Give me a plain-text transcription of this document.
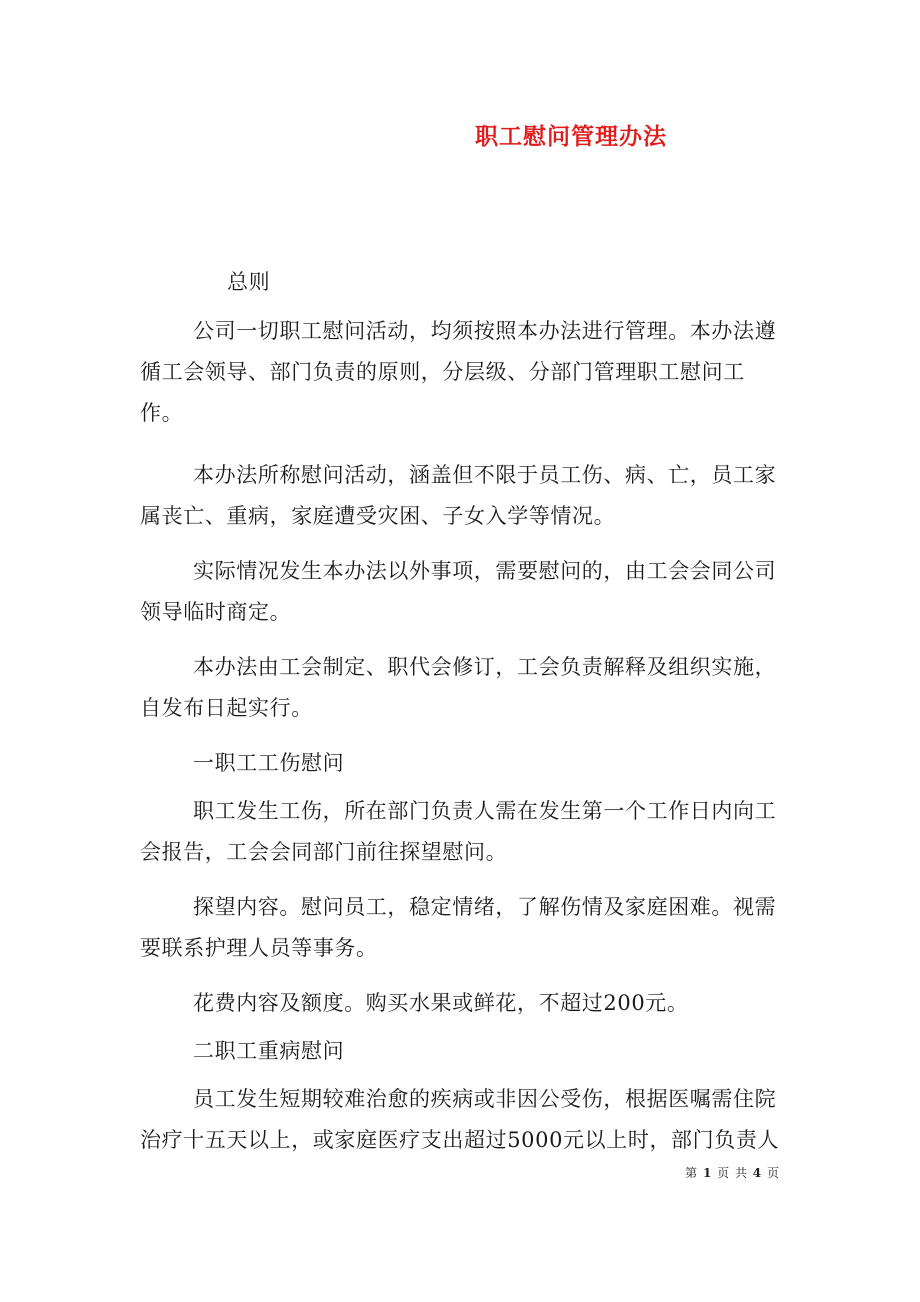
职工慰问管理办法

总则

公司一切职工慰问活动，均须按照本办法进行管理。本办法遵循工会领导、部门负责的原则，分层级、分部门管理职工慰问工作。

本办法所称慰问活动，涵盖但不限于员工伤、病、亡，员工家属丧亡、重病，家庭遭受灾困、子女入学等情况。

实际情况发生本办法以外事项，需要慰问的，由工会会同公司领导临时商定。

本办法由工会制定、职代会修订，工会负责解释及组织实施，自发布日起实行。

一职工工伤慰问

职工发生工伤，所在部门负责人需在发生第一个工作日内向工会报告，工会会同部门前往探望慰问。

探望内容。慰问员工，稳定情绪，了解伤情及家庭困难。视需要联系护理人员等事务。

花费内容及额度。购买水果或鲜花，不超过200元。

二职工重病慰问

员工发生短期较难治愈的疾病或非因公受伤，根据医嘱需住院治疗十五天以上，或家庭医疗支出超过5000元以上时，部门负责人

第 1 页 共 4 页
